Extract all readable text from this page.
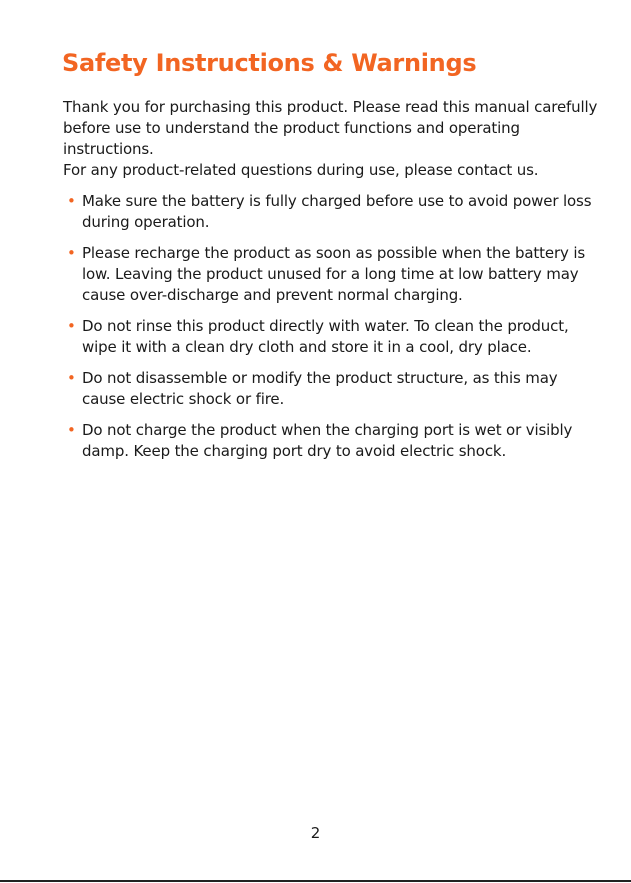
Safety Instructions & Warnings

Thank you for purchasing this product. Please read this manual carefully before use to understand the product functions and operating instructions.

For any product-related questions during use, please contact us.

• Make sure the battery is fully charged before use to avoid power loss during operation.
• Please recharge the product as soon as possible when the battery is low. Leaving the product unused for a long time at low battery may cause over-discharge and prevent normal charging.
• Do not rinse this product directly with water. To clean the product, wipe it with a clean dry cloth and store it in a cool, dry place.
• Do not disassemble or modify the product structure, as this may cause electric shock or fire.
• Do not charge the product when the charging port is wet or visibly damp. Keep the charging port dry to avoid electric shock.
2
